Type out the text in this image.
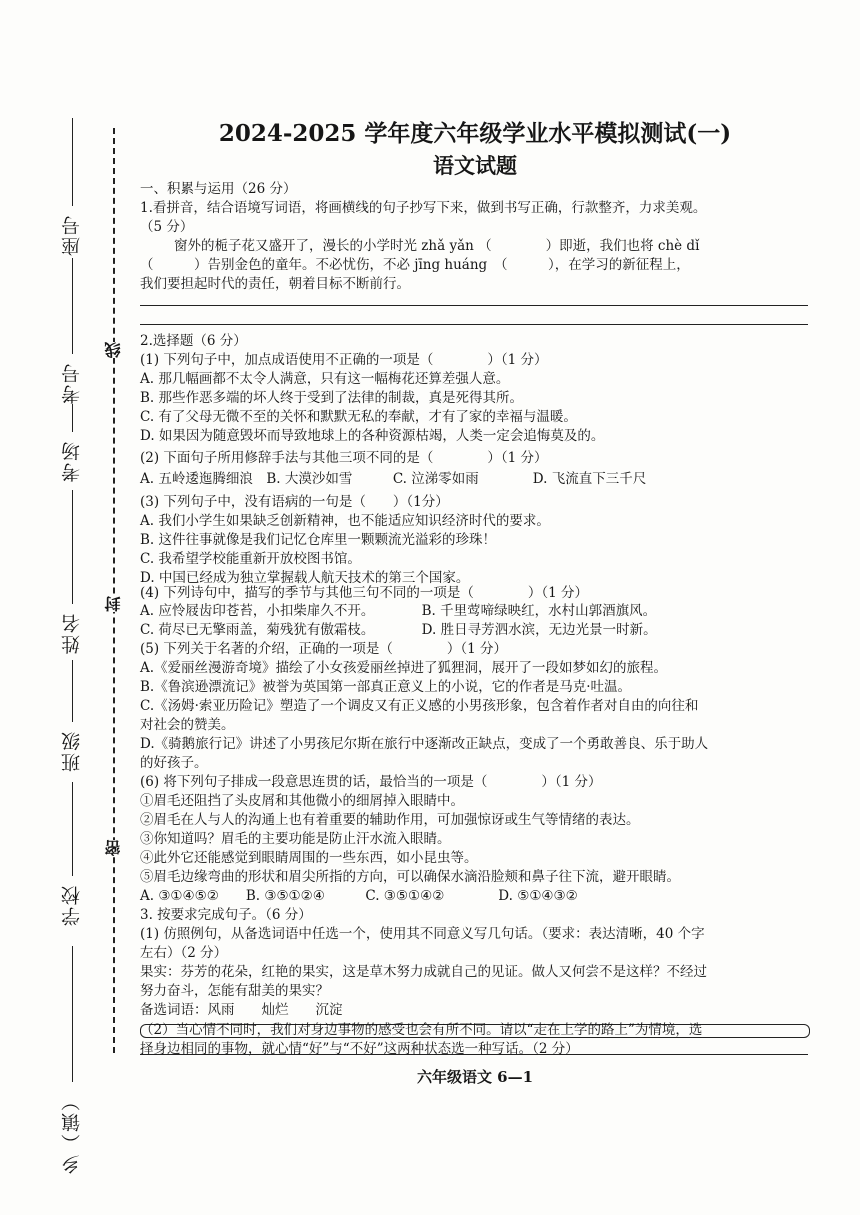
座号
考号
考场
姓名
班级
学校
乡（镇）
线
封
密
2024-2025 学年度六年级学业水平模拟测试(一)
语文试题
一、积累与运用（26 分）
1.看拼音，结合语境写词语，将画横线的句子抄写下来，做到书写正确，行款整齐，力求美观。
（5 分）
窗外的栀子花又盛开了，漫长的小学时光 zhǎ yǎn （　　　　）即逝，我们也将 chè dǐ
（　　　）告别金色的童年。不必忧伤，不必 jīng huáng　（　　　），在学习的新征程上，
我们要担起时代的责任，朝着目标不断前行。
2.选择题（6 分）
(1) 下列句子中，加点成语使用不正确的一项是（　　　　）（1 分）
A. 那几幅画都不太令人满意，只有这一幅梅花还算差强人意。
B. 那些作恶多端的坏人终于受到了法律的制裁，真是死得其所。
C. 有了父母无微不至的关怀和默默无私的奉献，才有了家的幸福与温暖。
D. 如果因为随意毁坏而导致地球上的各种资源枯竭，人类一定会追悔莫及的。
(2) 下面句子所用修辞手法与其他三项不同的是（　　　　）（1 分）
A. 五岭逶迤腾细浪　B. 大漠沙如雪　　　C. 泣涕零如雨　　　　D. 飞流直下三千尺
(3) 下列句子中，没有语病的一句是（　　）（1分）
A. 我们小学生如果缺乏创新精神，也不能适应知识经济时代的要求。
B. 这件往事就像是我们记忆仓库里一颗颗流光溢彩的珍珠！
C. 我希望学校能重新开放校图书馆。
D. 中国已经成为独立掌握载人航天技术的第三个国家。
(4) 下列诗句中，描写的季节与其他三句不同的一项是（　　　　）（1 分）
A. 应怜屐齿印苍苔，小扣柴扉久不开。　　　　B. 千里莺啼绿映红，水村山郭酒旗风。
C. 荷尽已无擎雨盖，菊残犹有傲霜枝。　　　　D. 胜日寻芳泗水滨，无边光景一时新。
(5) 下列关于名著的介绍，正确的一项是（　　　　）（1 分）
A.《爱丽丝漫游奇境》描绘了小女孩爱丽丝掉进了狐狸洞，展开了一段如梦如幻的旅程。
B.《鲁滨逊漂流记》被誉为英国第一部真正意义上的小说，它的作者是马克·吐温。
C.《汤姆·索亚历险记》塑造了一个调皮又有正义感的小男孩形象，包含着作者对自由的向往和
对社会的赞美。
D.《骑鹅旅行记》讲述了小男孩尼尔斯在旅行中逐渐改正缺点，变成了一个勇敢善良、乐于助人
的好孩子。
(6) 将下列句子排成一段意思连贯的话，最恰当的一项是（　　　　）（1 分）
①眉毛还阻挡了头皮屑和其他微小的细屑掉入眼睛中。
②眉毛在人与人的沟通上也有着重要的辅助作用，可加强惊讶或生气等情绪的表达。
③你知道吗？眉毛的主要功能是防止汗水流入眼睛。
④此外它还能感觉到眼睛周围的一些东西，如小昆虫等。
⑤眉毛边缘弯曲的形状和眉尖所指的方向，可以确保水滴沿脸颊和鼻子往下流，避开眼睛。
A. ③①④⑤②　　B. ③⑤①②④　　　C. ③⑤①④②　　　　D. ⑤①④③②
3. 按要求完成句子。（6 分）
(1) 仿照例句，从备选词语中任选一个，使用其不同意义写几句话。（要求：表达清晰，40 个字
左右）（2 分）
果实：芬芳的花朵，红艳的果实，这是草木努力成就自己的见证。做人又何尝不是这样？不经过
努力奋斗，怎能有甜美的果实？
备选词语：风雨　　灿烂　　沉淀
（2）当心情不同时，我们对身边事物的感受也会有所不同。请以“走在上学的路上”为情境，选
择身边相同的事物，就心情“好”与“不好”这两种状态选一种写话。（2 分）
六年级语文 6—1
